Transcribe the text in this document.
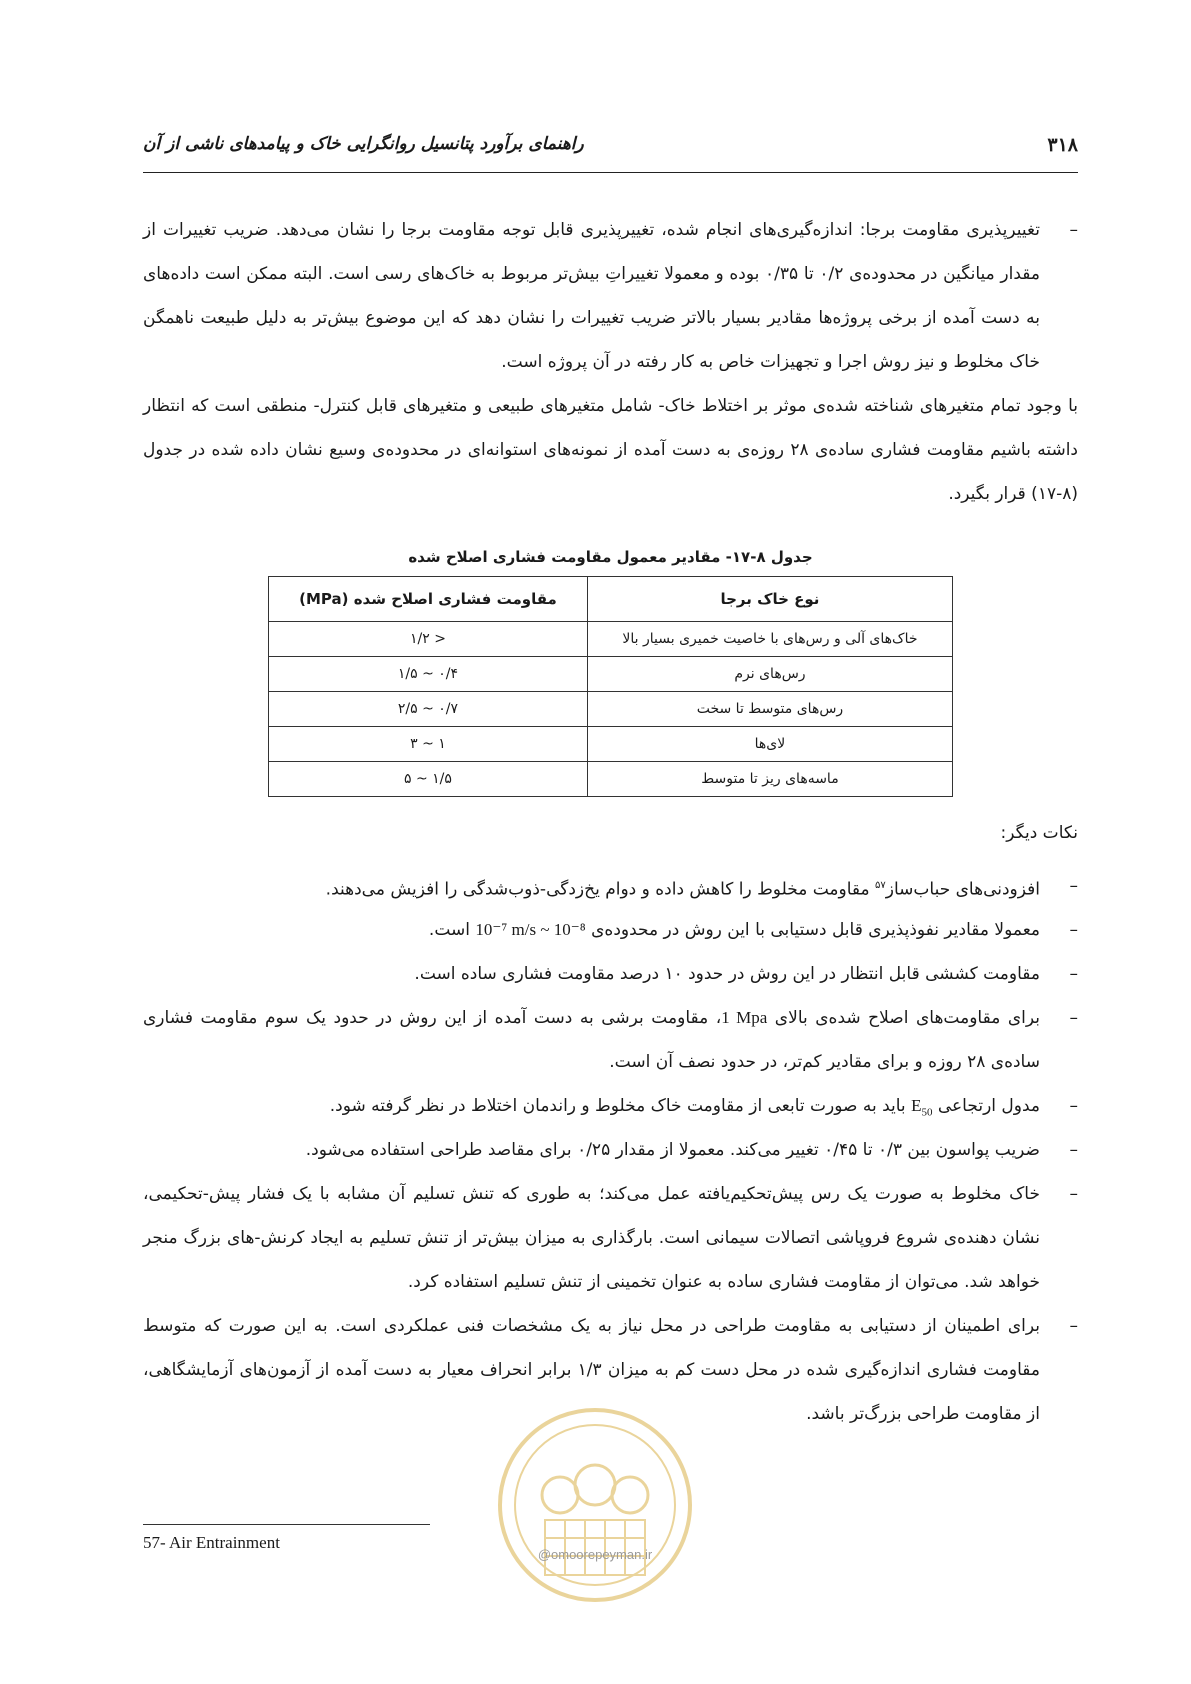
۳۱۸
راهنمای برآورد پتانسیل روانگرایی خاک و پیامدهای ناشی از آن
–
تغییرپذیری مقاومت برجا: اندازه‌گیری‌های انجام شده، تغییرپذیری قابل توجه مقاومت برجا را نشان می‌دهد. ضریب تغییرات از مقدار میانگین در محدوده‌ی ۰/۲ تا ۰/۳۵ بوده و معمولا تغییراتِ بیش‌تر مربوط به خاک‌های رسی است. البته ممکن است داده‌های به دست آمده از برخی پروژه‌ها مقادیر بسیار بالاتر ضریب تغییرات را نشان دهد که این موضوع بیش‌تر به دلیل طبیعت ناهمگن خاک مخلوط و نیز روش اجرا و تجهیزات خاص به کار رفته در آن پروژه است.
با وجود تمام متغیرهای شناخته شده‌ی موثر بر اختلاط خاک- شامل متغیرهای طبیعی و متغیرهای قابل کنترل- منطقی است که انتظار داشته باشیم مقاومت فشاری ساده‌ی ۲۸ روزه‌ی به دست آمده از نمونه‌های استوانه‌ای در محدوده‌ی وسیع نشان داده شده در جدول (۸-۱۷) قرار بگیرد.
جدول ۸-۱۷- مقادیر معمول مقاومت فشاری اصلاح شده
نوع خاک برجا	مقاومت فشاری اصلاح شده (MPa)
خاک‌های آلی و رس‌های با خاصیت خمیری بسیار بالا	< ۱/۲
رس‌های نرم	۰/۴ ~ ۱/۵
رس‌های متوسط تا سخت	۰/۷ ~ ۲/۵
لای‌ها	۱ ~ ۳
ماسه‌های ریز تا متوسط	۱/۵ ~ ۵
نکات دیگر:
–
افزودنی‌های حباب‌ساز$^{۵۷}$ مقاومت مخلوط را کاهش داده و دوام یخ‌زدگی-ذوب‌شدگی را افزیش می‌دهند.
–
معمولا مقادیر نفوذپذیری قابل دستیابی با این روش در محدوده‌ی 10⁻⁷ m/s ~ 10⁻⁸ است.
–
مقاومت کششی قابل انتظار در این روش در حدود ۱۰ درصد مقاومت فشاری ساده است.
–
برای مقاومت‌های اصلاح شده‌ی بالای 1 Mpa، مقاومت برشی به دست آمده از این روش در حدود یک سوم مقاومت فشاری ساده‌ی ۲۸ روزه و برای مقادیر کم‌تر، در حدود نصف آن است.
–
مدول ارتجاعی $E_{50}$ باید به صورت تابعی از مقاومت خاک مخلوط و راندمان اختلاط در نظر گرفته شود.
–
ضریب پواسون بین ۰/۳ تا ۰/۴۵ تغییر می‌کند. معمولا از مقدار ۰/۲۵ برای مقاصد طراحی استفاده می‌شود.
–
خاک مخلوط به صورت یک رس پیش‌تحکیم‌یافته عمل می‌کند؛ به طوری که تنش تسلیم آن مشابه با یک فشار پیش-تحکیمی، نشان دهنده‌ی شروع فروپاشی اتصالات سیمانی است. بارگذاری به میزان بیش‌تر از تنش تسلیم به ایجاد کرنش-های بزرگ منجر خواهد شد. می‌توان از مقاومت فشاری ساده به عنوان تخمینی از تنش تسلیم استفاده کرد.
–
برای اطمینان از دستیابی به مقاومت طراحی در محل نیاز به یک مشخصات فنی عملکردی است. به این صورت که متوسط مقاومت فشاری اندازه‌گیری شده در محل دست کم به میزان ۱/۳ برابر انحراف معیار به دست آمده از آزمون‌های آزمایشگاهی، از مقاومت طراحی بزرگ‌تر باشد.
@omoorepeyman.ir
57- Air Entrainment
